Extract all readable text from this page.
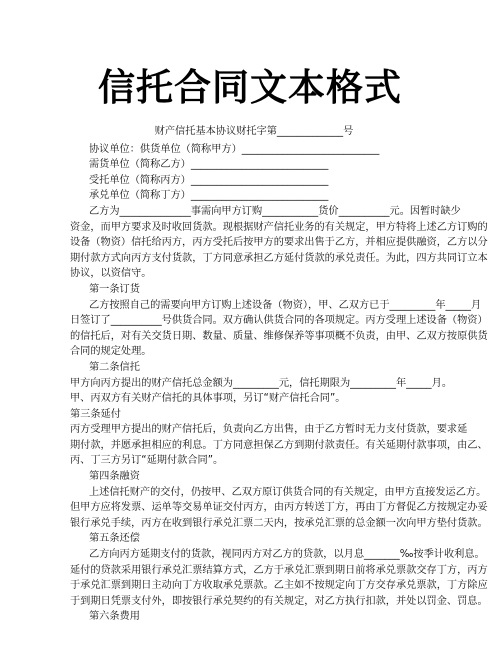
信托合同文本格式
财产信托基本协议财托字第_____________号
协议单位：供货单位（简称甲方）___________________________
需货单位（简称乙方）___________________________
受托单位（简称丙方）___________________________
承兑单位（简称丁方）___________________________
乙方为______________事需向甲方订购___________货价__________元。因暂时缺少
资金，而甲方要求及时收回货款。现根据财产信托业务的有关规定，甲方特将上述乙方订购的
设备（物资）信托给丙方，丙方受托后按甲方的要求出售于乙方，并相应提供融资，乙方以分
期付款方式向丙方支付货款，丁方同意承担乙方延付货款的承兑责任。为此，四方共同订立本
协议，以资信守。
第一条订货
乙方按照自己的需要向甲方订购上述设备（物资），甲、乙双方已于_________年_____月
日签订了__________号供货合同。双方确认供货合同的各项规定。丙方受理上述设备（物资）
的信托后，对有关交货日期、数量、质量、维修保养等事项概不负责，由甲、乙双方按原供货
合同的规定处理。
第二条信托
甲方向丙方提出的财产信托总金额为_________元，信托期限为_________年_____月。
甲、丙双方有关财产信托的具体事项，另订“财产信托合同”。
第三条延付
丙方受理甲方提出的财产信托后，负责向乙方出售，由于乙方暂时无力支付货款，要求延
期付款，并愿承担相应的利息。丁方同意担保乙方到期付款责任。有关延期付款事项，由乙、
丙、丁三方另订“延期付款合同”。
第四条融资
上述信托财产的交付，仍按甲、乙双方原订供货合同的有关规定，由甲方直接发运乙方。
但甲方应将发票、运单等交易单证交付丙方，由丙方转送丁方，再由丁方督促乙方按规定办妥
银行承兑手续，丙方在收到银行承兑汇票二天内，按承兑汇票的总金额一次向甲方垫付货款。
第五条还偿
乙方向丙方延期支付的货款，视同丙方对乙方的贷款，以月息_______‰按季计收利息。
延付的贷款采用银行承兑汇票结算方式，乙方于承兑汇票到期日前将承兑票款交存丁方，丙方
于承兑汇票到期日主动向丁方收取承兑票款。乙主如不按规定向丁方交存承兑票款，丁方除应
于到期日凭票支付外，即按银行承兑契约的有关规定，对乙方执行扣款，并处以罚金、罚息。
第六条费用
